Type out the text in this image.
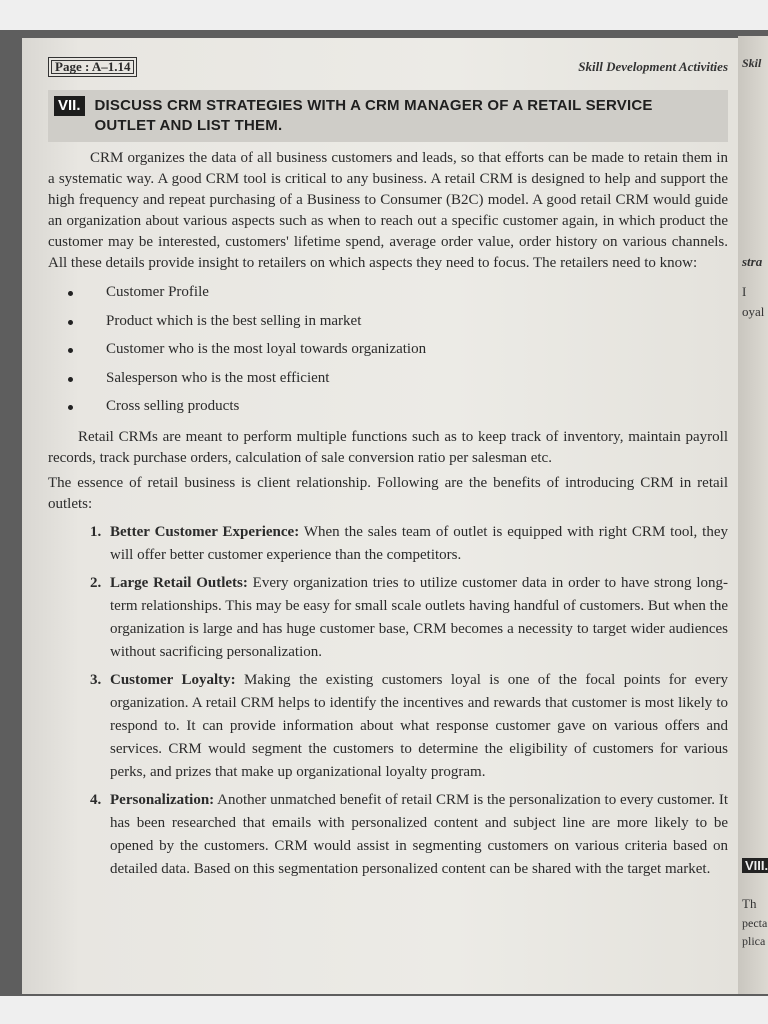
Skil
stra
I
oyal
VIII.
Th
pecta
plica
Page : A–1.14	Skill Development Activities
VII. DISCUSS CRM STRATEGIES WITH A CRM MANAGER OF A RETAIL SERVICE
OUTLET AND LIST THEM.

CRM organizes the data of all business customers and leads, so that efforts can be made to retain them in a systematic way. A good CRM tool is critical to any business. A retail CRM is designed to help and support the high frequency and repeat purchasing of a Business to Consumer (B2C) model. A good retail CRM would guide an organization about various aspects such as when to reach out a specific customer again, in which product the customer may be interested, customers' lifetime spend, average order value, order history on various channels. All these details provide insight to retailers on which aspects they need to focus. The retailers need to know:

Customer Profile
Product which is the best selling in market
Customer who is the most loyal towards organization
Salesperson who is the most efficient
Cross selling products

Retail CRMs are meant to perform multiple functions such as to keep track of inventory, maintain payroll records, track purchase orders, calculation of sale conversion ratio per salesman etc.

The essence of retail business is client relationship. Following are the benefits of introducing CRM in retail outlets:

1. Better Customer Experience: When the sales team of outlet is equipped with right CRM tool, they will offer better customer experience than the competitors.
2. Large Retail Outlets: Every organization tries to utilize customer data in order to have strong long- term relationships. This may be easy for small scale outlets having handful of customers. But when the organization is large and has huge customer base, CRM becomes a necessity to target wider audiences without sacrificing personalization.
3. Customer Loyalty: Making the existing customers loyal is one of the focal points for every organization. A retail CRM helps to identify the incentives and rewards that customer is most likely to respond to. It can provide information about what response customer gave on various offers and services. CRM would segment the customers to determine the eligibility of customers for various perks, and prizes that make up organizational loyalty program.
4. Personalization: Another unmatched benefit of retail CRM is the personalization to every customer. It has been researched that emails with personalized content and subject line are more likely to be opened by the customers. CRM would assist in segmenting customers on various criteria based on detailed data. Based on this segmentation personalized content can be shared with the target market.
